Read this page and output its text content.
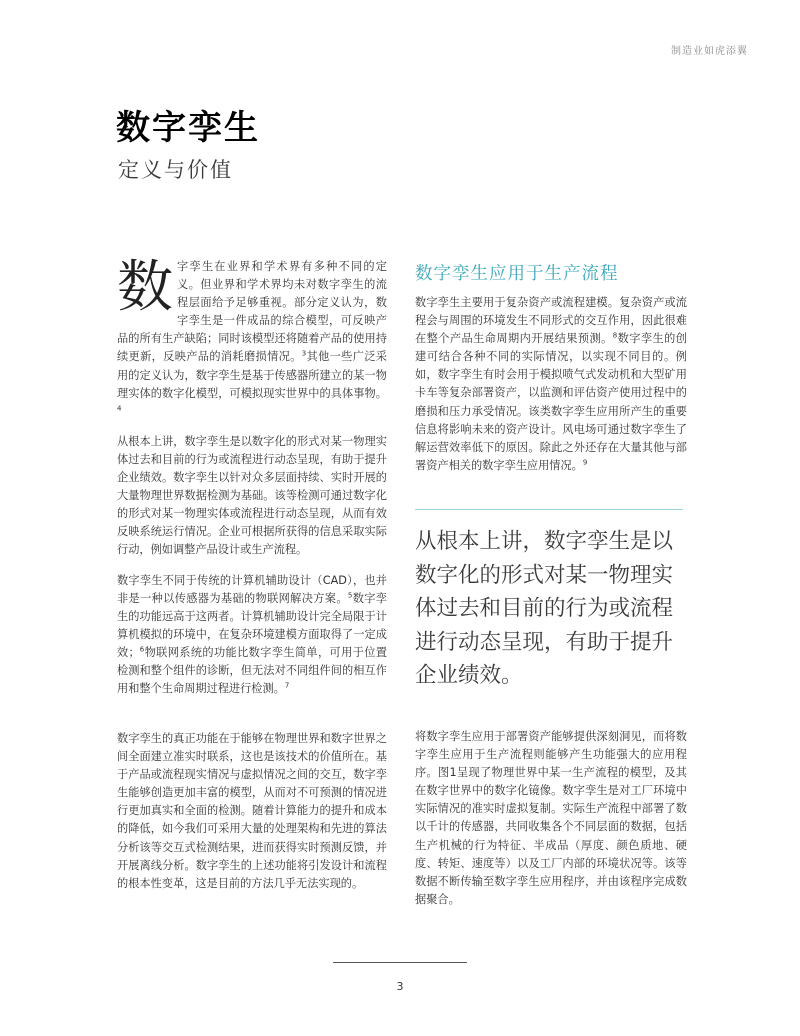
制造业如虎添翼
数字孪生
定义与价值

数字孪生在业界和学术界有多种不同的定义。但业界和学术界均未对数字孪生的流程层面给予足够重视。部分定义认为，数字孪生是一件成品的综合模型，可反映产品的所有生产缺陷；同时该模型还将随着产品的使用持续更新，反映产品的消耗磨损情况。$^3$其他一些广泛采用的定义认为，数字孪生是基于传感器所建立的某一物理实体的数字化模型，可模拟现实世界中的具体事物。$^4$

从根本上讲，数字孪生是以数字化的形式对某一物理实体过去和目前的行为或流程进行动态呈现，有助于提升企业绩效。数字孪生以针对众多层面持续、实时开展的大量物理世界数据检测为基础。该等检测可通过数字化的形式对某一物理实体或流程进行动态呈现，从而有效反映系统运行情况。企业可根据所获得的信息采取实际行动，例如调整产品设计或生产流程。

数字孪生不同于传统的计算机辅助设计（CAD），也并非是一种以传感器为基础的物联网解决方案。$^5$数字孪生的功能远高于这两者。计算机辅助设计完全局限于计算机模拟的环境中，在复杂环境建模方面取得了一定成效；$^6$物联网系统的功能比数字孪生简单，可用于位置检测和整个组件的诊断，但无法对不同组件间的相互作用和整个生命周期过程进行检测。$^7$

数字孪生的真正功能在于能够在物理世界和数字世界之间全面建立准实时联系，这也是该技术的价值所在。基于产品或流程现实情况与虚拟情况之间的交互，数字孪生能够创造更加丰富的模型，从而对不可预测的情况进行更加真实和全面的检测。随着计算能力的提升和成本的降低，如今我们可采用大量的处理架构和先进的算法分析该等交互式检测结果，进而获得实时预测反馈，并开展离线分析。数字孪生的上述功能将引发设计和流程的根本性变革，这是目前的方法几乎无法实现的。

数字孪生应用于生产流程

数字孪生主要用于复杂资产或流程建模。复杂资产或流程会与周围的环境发生不同形式的交互作用，因此很难在整个产品生命周期内开展结果预测。$^8$数字孪生的创建可结合各种不同的实际情况，以实现不同目的。例如，数字孪生有时会用于模拟喷气式发动机和大型矿用卡车等复杂部署资产，以监测和评估资产使用过程中的磨损和压力承受情况。该类数字孪生应用所产生的重要信息将影响未来的资产设计。风电场可通过数字孪生了解运营效率低下的原因。除此之外还存在大量其他与部署资产相关的数字孪生应用情况。$^9$

从根本上讲，数字孪生是以数字化的形式对某一物理实体过去和目前的行为或流程进行动态呈现，有助于提升企业绩效。

将数字孪生应用于部署资产能够提供深刻洞见，而将数字孪生应用于生产流程则能够产生功能强大的应用程序。图1呈现了物理世界中某一生产流程的模型，及其在数字世界中的数字化镜像。数字孪生是对工厂环境中实际情况的准实时虚拟复制。实际生产流程中部署了数以千计的传感器，共同收集各个不同层面的数据，包括生产机械的行为特征、半成品（厚度、颜色质地、硬度、转矩、速度等）以及工厂内部的环境状况等。该等数据不断传输至数字孪生应用程序，并由该程序完成数据聚合。

3
